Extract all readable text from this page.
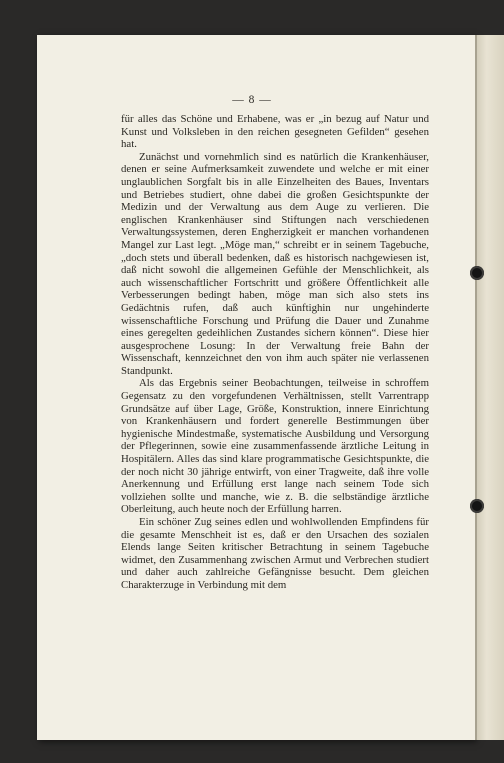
— 8 —

für alles das Schöne und Erhabene, was er „in bezug auf Natur und Kunst und Volksleben in den reichen gesegneten Gefilden“ gesehen hat.

Zunächst und vornehmlich sind es natürlich die Krankenhäuser, denen er seine Aufmerksamkeit zuwendete und welche er mit einer unglaublichen Sorgfalt bis in alle Einzelheiten des Baues, Inventars und Betriebes studiert, ohne dabei die großen Gesichtspunkte der Medizin und der Verwaltung aus dem Auge zu verlieren. Die englischen Krankenhäuser sind Stiftungen nach verschiedenen Verwaltungssystemen, deren Engherzigkeit er manchen vorhandenen Mangel zur Last legt. „Möge man,“ schreibt er in seinem Tagebuche, „doch stets und überall bedenken, daß es historisch nachgewiesen ist, daß nicht sowohl die allgemeinen Gefühle der Menschlichkeit, als auch wissenschaftlicher Fortschritt und größere Öffentlichkeit alle Verbesserungen bedingt haben, möge man sich also stets ins Gedächtnis rufen, daß auch künftighin nur ungehinderte wissenschaftliche Forschung und Prüfung die Dauer und Zunahme eines geregelten gedeihlichen Zustandes sichern können“. Diese hier ausgesprochene Losung: In der Verwaltung freie Bahn der Wissenschaft, kennzeichnet den von ihm auch später nie verlassenen Standpunkt.

Als das Ergebnis seiner Beobachtungen, teilweise in schroffem Gegensatz zu den vorgefundenen Verhältnissen, stellt Varrentrapp Grundsätze auf über Lage, Größe, Konstruktion, innere Einrichtung von Krankenhäusern und fordert generelle Bestimmungen über hygienische Mindestmaße, systematische Ausbildung und Versorgung der Pflegerinnen, sowie eine zusammenfassende ärztliche Leitung in Hospitälern. Alles das sind klare programmatische Gesichtspunkte, die der noch nicht 30 jährige entwirft, von einer Tragweite, daß ihre volle Anerkennung und Erfüllung erst lange nach seinem Tode sich vollziehen sollte und manche, wie z. B. die selbständige ärztliche Oberleitung, auch heute noch der Erfüllung harren.

Ein schöner Zug seines edlen und wohlwollenden Empfindens für die gesamte Menschheit ist es, daß er den Ursachen des sozialen Elends lange Seiten kritischer Betrachtung in seinem Tagebuche widmet, den Zusammenhang zwischen Armut und Verbrechen studiert und daher auch zahlreiche Gefängnisse besucht. Dem gleichen Charakterzuge in Verbindung mit dem
